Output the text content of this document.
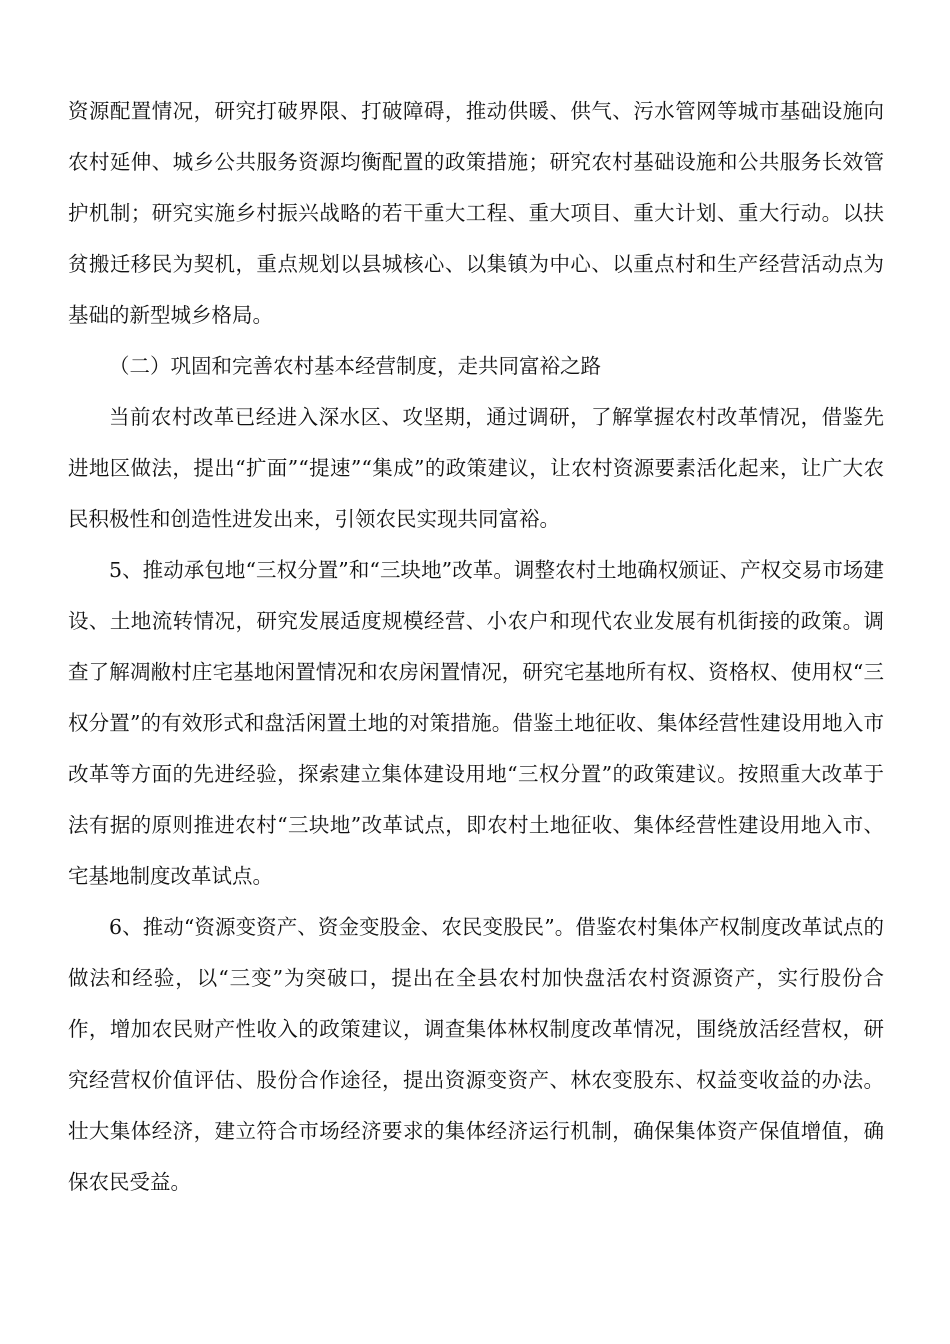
资源配置情况，研究打破界限、打破障碍，推动供暖、供气、污水管网等城市基础设施向农村延伸、城乡公共服务资源均衡配置的政策措施；研究农村基础设施和公共服务长效管护机制；研究实施乡村振兴战略的若干重大工程、重大项目、重大计划、重大行动。以扶贫搬迁移民为契机，重点规划以县城核心、以集镇为中心、以重点村和生产经营活动点为基础的新型城乡格局。

（二）巩固和完善农村基本经营制度，走共同富裕之路

当前农村改革已经进入深水区、攻坚期，通过调研，了解掌握农村改革情况，借鉴先进地区做法，提出“扩面”“提速”“集成”的政策建议，让农村资源要素活化起来，让广大农民积极性和创造性进发出来，引领农民实现共同富裕。

5、推动承包地“三权分置”和“三块地”改革。调整农村土地确权颁证、产权交易市场建设、土地流转情况，研究发展适度规模经营、小农户和现代农业发展有机街接的政策。调查了解凋敝村庄宅基地闲置情况和农房闲置情况，研究宅基地所有权、资格权、使用权“三权分置”的有效形式和盘活闲置土地的对策措施。借鉴土地征收、集体经营性建设用地入市改革等方面的先进经验，探索建立集体建设用地“三权分置”的政策建议。按照重大改革于法有据的原则推进农村“三块地”改革试点，即农村土地征收、集体经营性建设用地入市、宅基地制度改革试点。

6、推动“资源变资产、资金变股金、农民变股民”。借鉴农村集体产权制度改革试点的做法和经验，以“三变”为突破口，提出在全县农村加快盘活农村资源资产，实行股份合作，增加农民财产性收入的政策建议，调查集体林权制度改革情况，围绕放活经营权，研究经营权价值评估、股份合作途径，提出资源变资产、林农变股东、权益变收益的办法。壮大集体经济，建立符合市场经济要求的集体经济运行机制，确保集体资产保值增值，确保农民受益。
